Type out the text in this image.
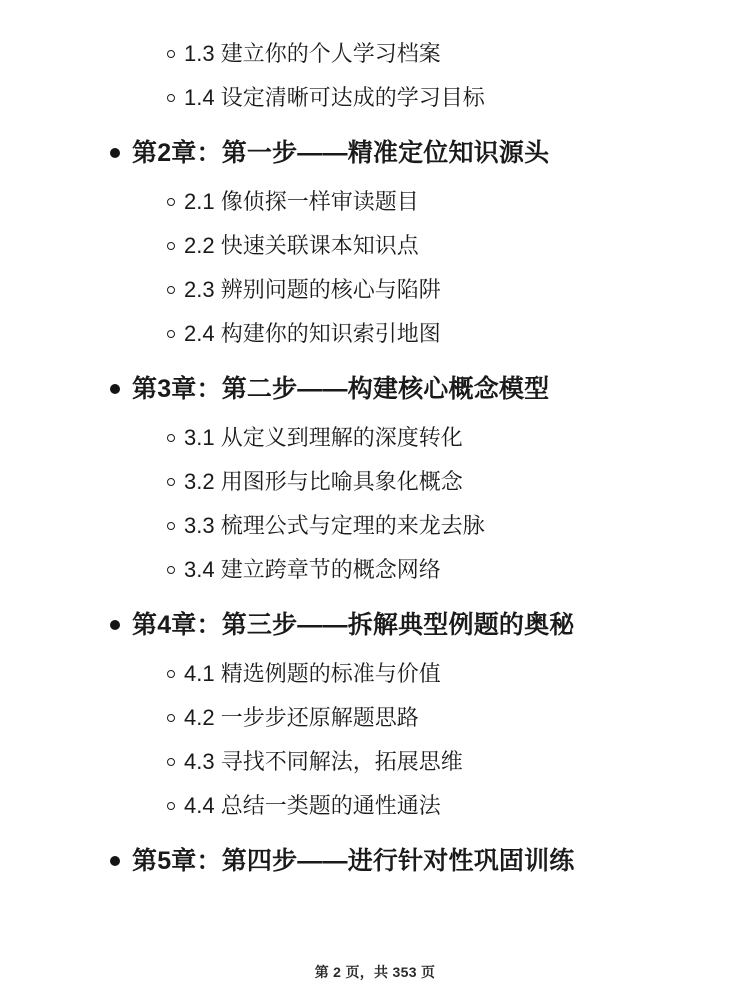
1.3 建立你的个人学习档案
1.4 设定清晰可达成的学习目标
第2章：第一步——精准定位知识源头
2.1 像侦探一样审读题目
2.2 快速关联课本知识点
2.3 辨别问题的核心与陷阱
2.4 构建你的知识索引地图
第3章：第二步——构建核心概念模型
3.1 从定义到理解的深度转化
3.2 用图形与比喻具象化概念
3.3 梳理公式与定理的来龙去脉
3.4 建立跨章节的概念网络
第4章：第三步——拆解典型例题的奥秘
4.1 精选例题的标准与价值
4.2 一步步还原解题思路
4.3 寻找不同解法，拓展思维
4.4 总结一类题的通性通法
第5章：第四步——进行针对性巩固训练
第 2 页，共 353 页
